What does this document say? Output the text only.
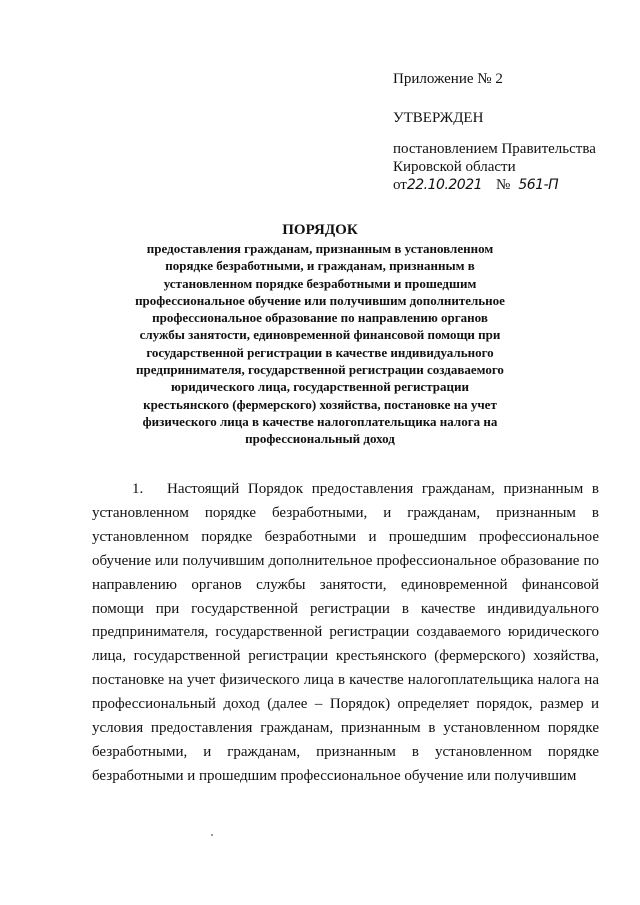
Приложение № 2
УТВЕРЖДЕН
постановлением Правительства
Кировской области
от 22.10.2021 № 561-П
ПОРЯДОК
предоставления гражданам, признанным в установленном порядке безработными, и гражданам, признанным в установленном порядке безработными и прошедшим профессиональное обучение или получившим дополнительное профессиональное образование по направлению органов службы занятости, единовременной финансовой помощи при государственной регистрации в качестве индивидуального предпринимателя, государственной регистрации создаваемого юридического лица, государственной регистрации крестьянского (фермерского) хозяйства, постановке на учет физического лица в качестве налогоплательщика налога на профессиональный доход

1. Настоящий Порядок предоставления гражданам, признанным в установленном порядке безработными, и гражданам, признанным в установленном порядке безработными и прошедшим профессиональное обучение или получившим дополнительное профессиональное образование по направлению органов службы занятости, единовременной финансовой помощи при государственной регистрации в качестве индивидуального предпринимателя, государственной регистрации создаваемого юридического лица, государственной регистрации крестьянского (фермерского) хозяйства, постановке на учет физического лица в качестве налогоплательщика налога на профессиональный доход (далее – Порядок) определяет порядок, размер и условия предоставления гражданам, признанным в установленном порядке безработными, и гражданам, признанным в установленном порядке безработными и прошедшим профессиональное обучение или получившим
